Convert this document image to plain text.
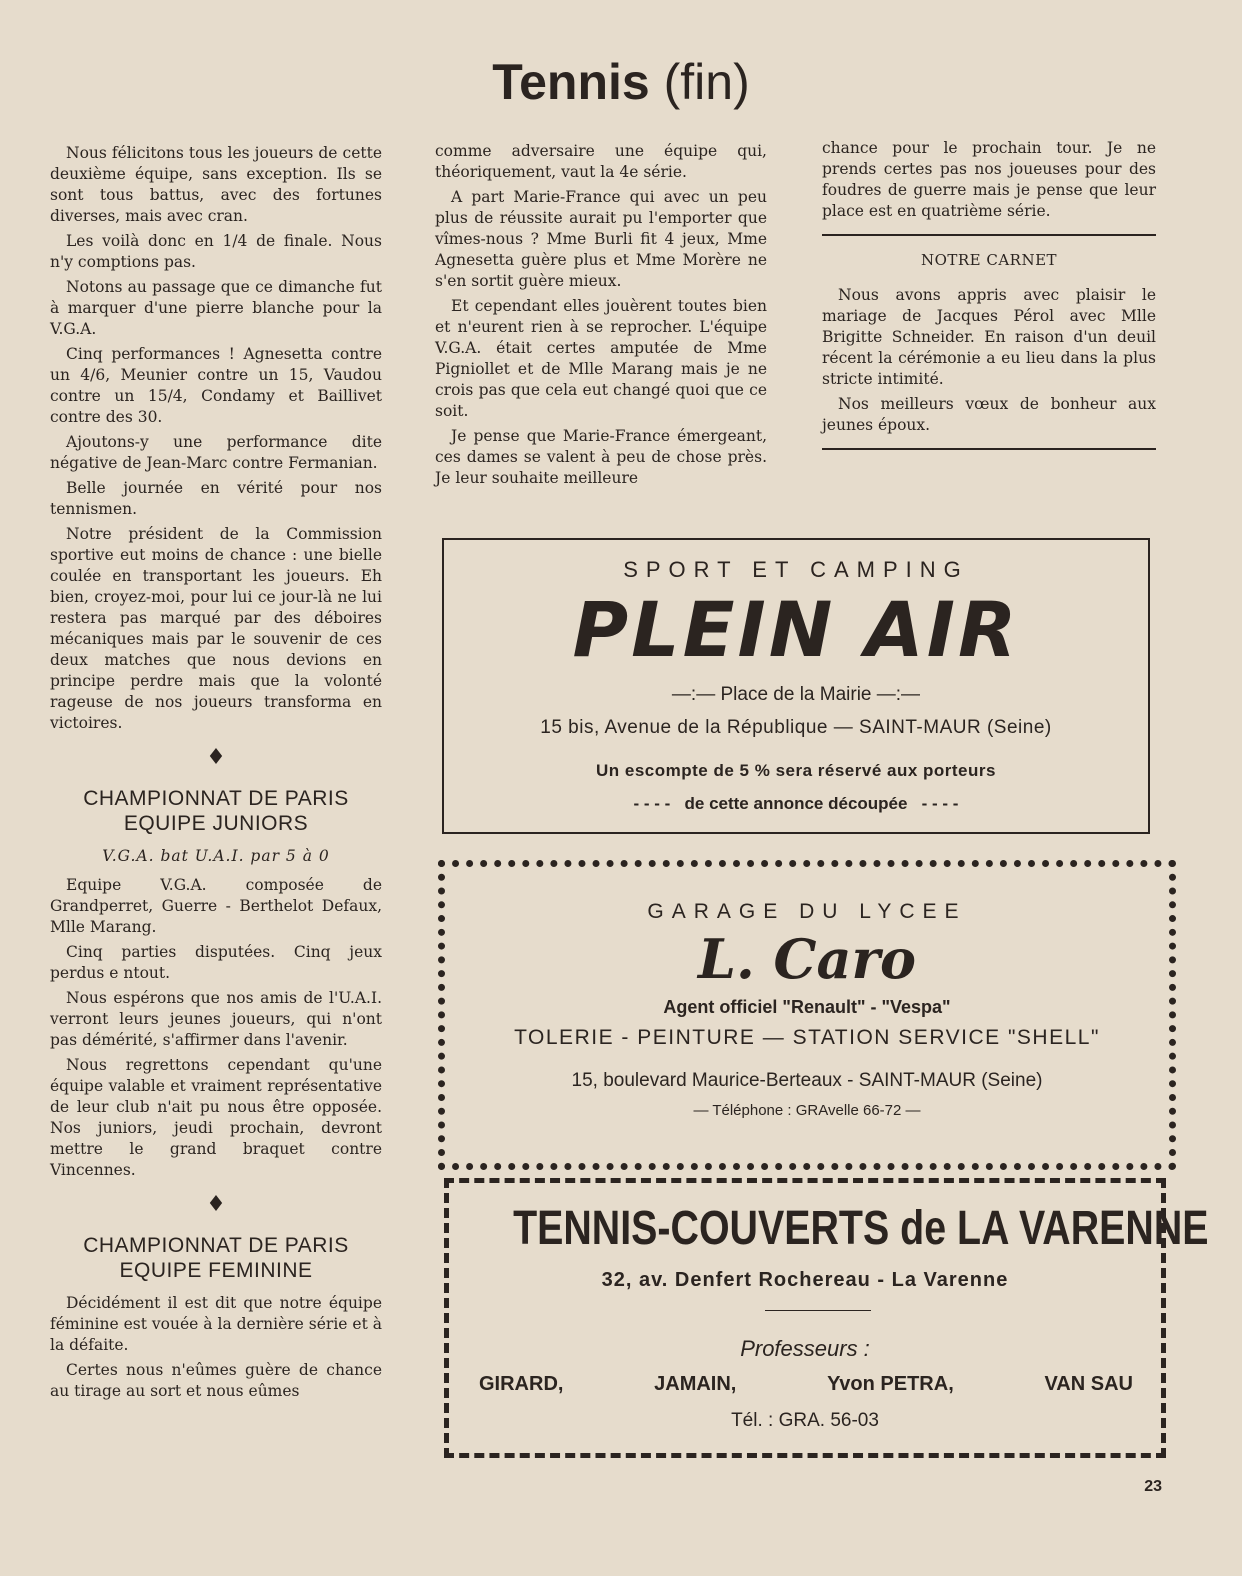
Tennis (fin)

Nous félicitons tous les joueurs de cette deuxième équipe, sans exception. Ils se sont tous battus, avec des fortunes diverses, mais avec cran.

Les voilà donc en 1/4 de finale. Nous n'y comptions pas.

Notons au passage que ce dimanche fut à marquer d'une pierre blanche pour la V.G.A.

Cinq performances ! Agnesetta contre un 4/6, Meunier contre un 15, Vaudou contre un 15/4, Condamy et Baillivet contre des 30.

Ajoutons-y une performance dite négative de Jean-Marc contre Fermanian.

Belle journée en vérité pour nos tennismen.

Notre président de la Commission sportive eut moins de chance : une bielle coulée en transportant les joueurs. Eh bien, croyez-moi, pour lui ce jour-là ne lui restera pas marqué par des déboires mécaniques mais par le souvenir de ces deux matches que nous devions en principe perdre mais que la volonté rageuse de nos joueurs transforma en victoires.

♦
CHAMPIONNAT DE PARIS
EQUIPE JUNIORS
V.G.A. bat U.A.I. par 5 à 0

Equipe V.G.A. composée de Grandperret, Guerre - Berthelot Defaux, Mlle Marang.

Cinq parties disputées. Cinq jeux perdus e ntout.

Nous espérons que nos amis de l'U.A.I. verront leurs jeunes joueurs, qui n'ont pas démérité, s'affirmer dans l'avenir.

Nous regrettons cependant qu'une équipe valable et vraiment représentative de leur club n'ait pu nous être opposée. Nos juniors, jeudi prochain, devront mettre le grand braquet contre Vincennes.

♦
CHAMPIONNAT DE PARIS
EQUIPE FEMININE

Décidément il est dit que notre équipe féminine est vouée à la dernière série et à la défaite.

Certes nous n'eûmes guère de chance au tirage au sort et nous eûmes

comme adversaire une équipe qui, théoriquement, vaut la 4e série.

A part Marie-France qui avec un peu plus de réussite aurait pu l'emporter que vîmes-nous ? Mme Burli fit 4 jeux, Mme Agnesetta guère plus et Mme Morère ne s'en sortit guère mieux.

Et cependant elles jouèrent toutes bien et n'eurent rien à se reprocher. L'équipe V.G.A. était certes amputée de Mme Pigniollet et de Mlle Marang mais je ne crois pas que cela eut changé quoi que ce soit.

Je pense que Marie-France émergeant, ces dames se valent à peu de chose près. Je leur souhaite meilleure

chance pour le prochain tour. Je ne prends certes pas nos joueuses pour des foudres de guerre mais je pense que leur place est en quatrième série.

NOTRE CARNET

Nous avons appris avec plaisir le mariage de Jacques Pérol avec Mlle Brigitte Schneider. En raison d'un deuil récent la cérémonie a eu lieu dans la plus stricte intimité.

Nos meilleurs vœux de bonheur aux jeunes époux.

SPORT ET CAMPING
PLEIN AIR
—:— Place de la Mairie —:—
15 bis, Avenue de la République — SAINT-MAUR (Seine)
Un escompte de 5 % sera réservé aux porteurs
- - - -   de cette annonce découpée   - - - -
GARAGE DU LYCEE
L. Caro
Agent officiel "Renault" - "Vespa"
TOLERIE - PEINTURE — STATION SERVICE "SHELL"
15, boulevard Maurice-Berteaux - SAINT-MAUR (Seine)
— Téléphone : GRAvelle 66-72 —
TENNIS-COUVERTS de LA VARENNE
32, av. Denfert Rochereau - La Varenne
Professeurs :
GIRARD,	JAMAIN,	Yvon PETRA,	VAN SAU
Tél. : GRA. 56-03
23
